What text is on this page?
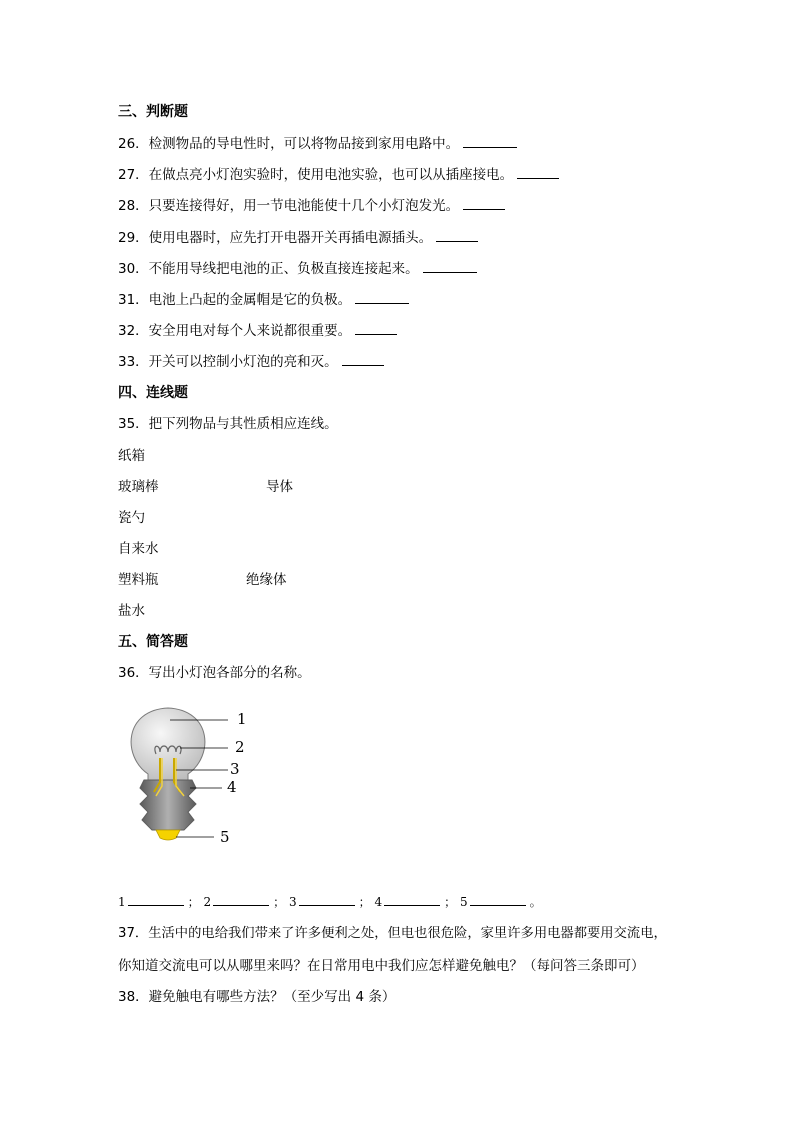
三、判断题
26．检测物品的导电性时，可以将物品接到家用电路中。
27．在做点亮小灯泡实验时，使用电池实验，也可以从插座接电。
28．只要连接得好，用一节电池能使十几个小灯泡发光。
29．使用电器时，应先打开电器开关再插电源插头。
30．不能用导线把电池的正、负极直接连接起来。
31．电池上凸起的金属帽是它的负极。
32．安全用电对每个人来说都很重要。
33．开关可以控制小灯泡的亮和灭。
四、连线题
35．把下列物品与其性质相应连线。
纸箱
玻璃棒	导体
瓷勺
自来水
塑料瓶	绝缘体
盐水
五、简答题
36．写出小灯泡各部分的名称。
1
2
3
4
5
1	； 2	； 3	； 4	； 5	。
37．生活中的电给我们带来了许多便利之处，但电也很危险，家里许多用电器都要用交流电，
你知道交流电可以从哪里来吗？在日常用电中我们应怎样避免触电？（每问答三条即可）
38．避免触电有哪些方法？（至少写出 4 条）
